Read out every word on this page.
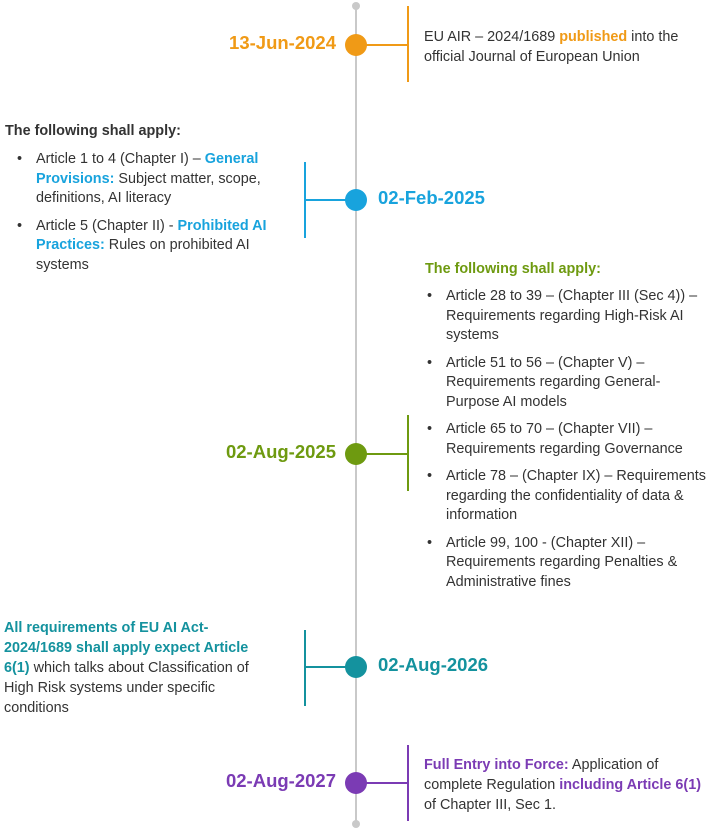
13-Jun-2024	EU AIR – 2024/1689 published into the official Journal of European Union
The following shall apply:
• Article 1 to 4 (Chapter I) – General Provisions: Subject matter, scope, definitions, AI literacy
• Article 5 (Chapter II) - Prohibited AI Practices: Rules on prohibited AI systems
02-Feb-2025
The following shall apply:
• Article 28 to 39 – (Chapter III (Sec 4)) – Requirements regarding High-Risk AI systems
• Article 51 to 56 – (Chapter V) – Requirements regarding General-Purpose AI models
• Article 65 to 70 – (Chapter VII) – Requirements regarding Governance
• Article 78 – (Chapter IX) – Requirements regarding the confidentiality of data & information
• Article 99, 100 - (Chapter XII) – Requirements regarding Penalties & Administrative fines
02-Aug-2025
All requirements of EU AI Act-2024/1689 shall apply expect Article 6(1) which talks about Classification of High Risk systems under specific conditions
02-Aug-2026
02-Aug-2027
Full Entry into Force: Application of complete Regulation including Article 6(1) of Chapter III, Sec 1.
